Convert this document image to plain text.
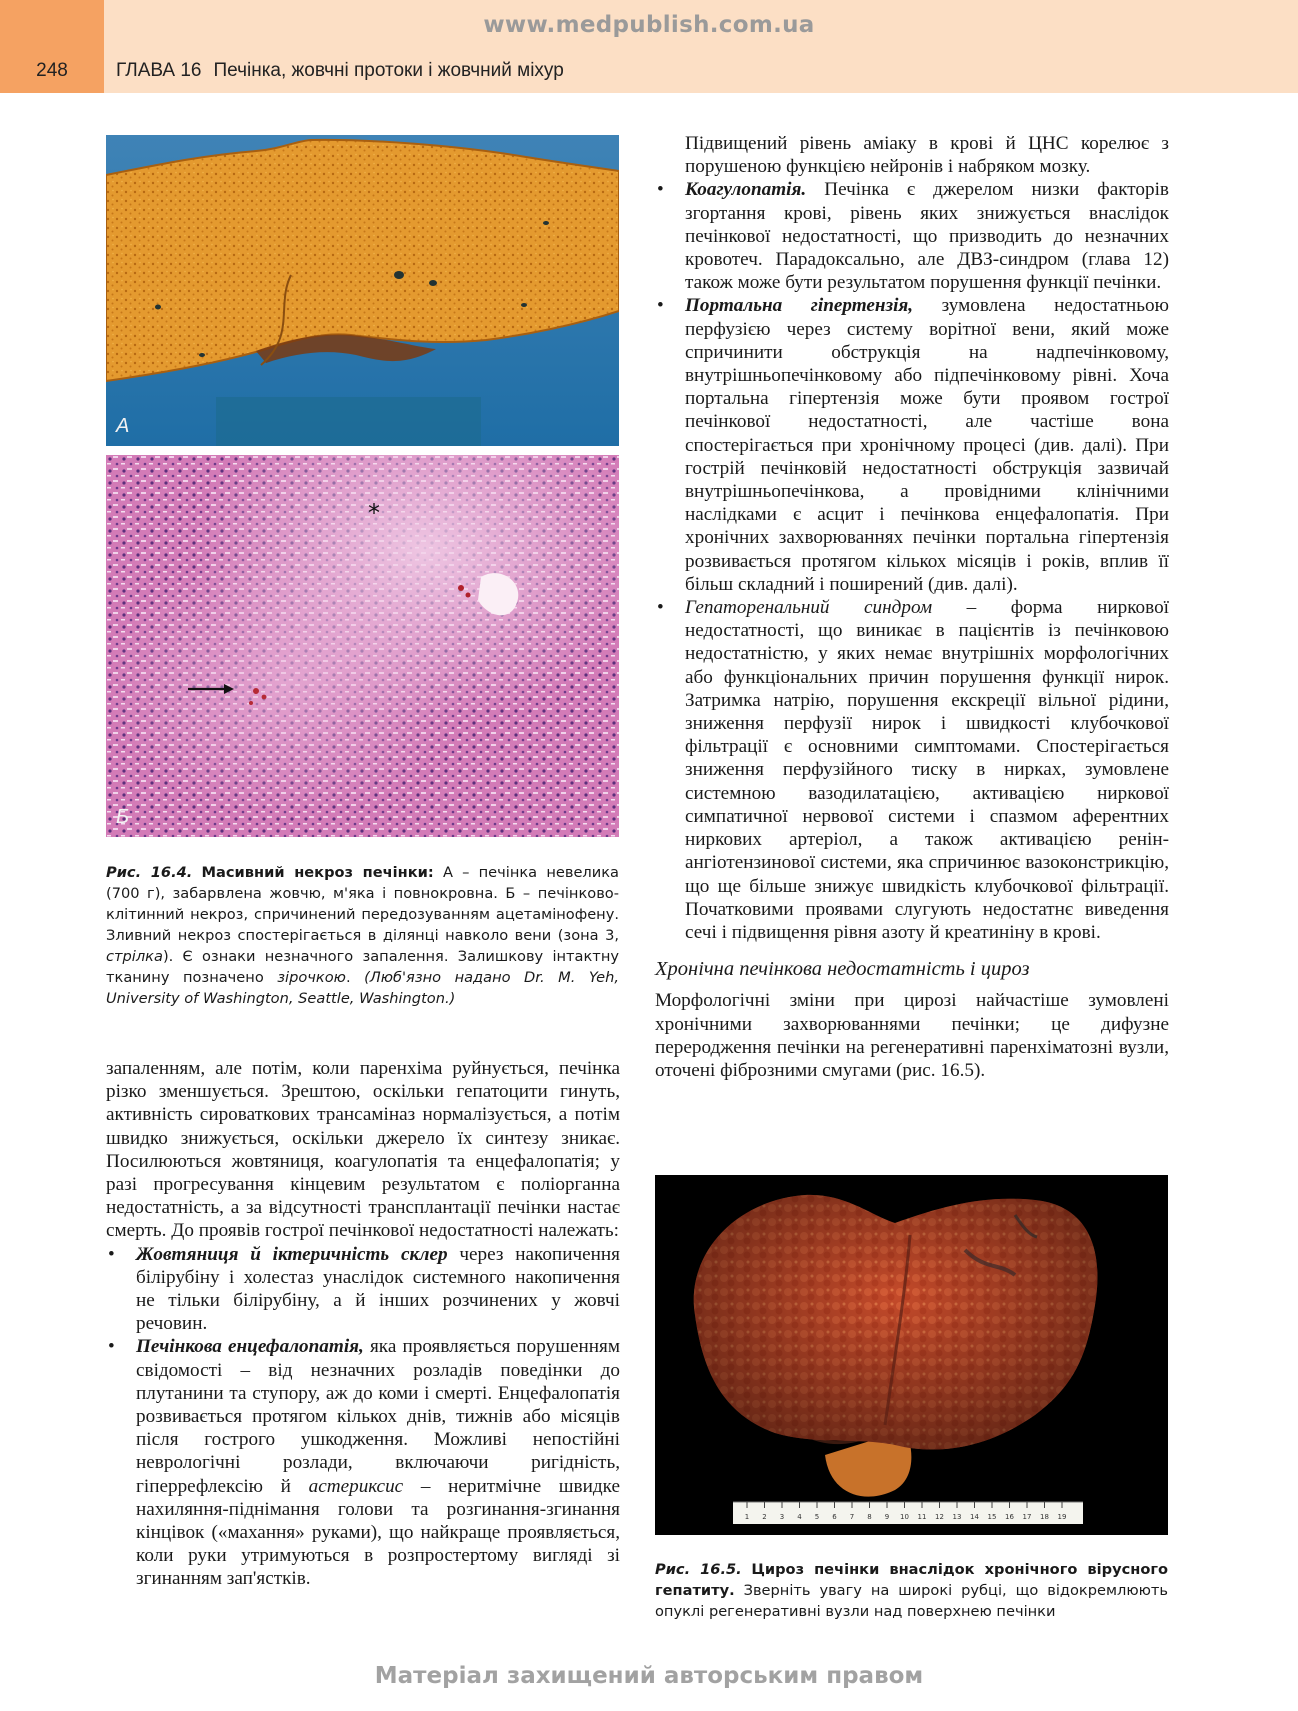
248
www.medpublish.com.ua
ГЛАВА 16 Печінка, жовчні протоки і жовчний міхур
А
*
Б
Рис. 16.4. Масивний некроз печінки: А – печінка невелика (700 г), забарвлена жовчю, м'яка і повнокровна. Б – печінково-клітинний некроз, спричинений передозуванням ацетамінофену. Зливний некроз спостерігається в ділянці навколо вени (зона 3, стрілка). Є ознаки незначного запалення. Залишкову інтактну тканину позначено зірочкою. (Люб'язно надано Dr. M. Yeh, University of Washington, Seattle, Washington.)

запаленням, але потім, коли паренхіма руйнується, печінка різко зменшується. Зрештою, оскільки гепатоцити гинуть, активність сироваткових трансаміназ нормалізується, а потім швидко знижується, оскільки джерело їх синтезу зникає. Посилюються жовтяниця, коагулопатія та енцефалопатія; у разі прогресування кінцевим результатом є поліорганна недостатність, а за відсутності трансплантації печінки настає смерть. До проявів гострої печінкової недостатності належать:

• Жовтяниця й іктеричність склер через накопичення білірубіну і холестаз унаслідок системного накопичення не тільки білірубіну, а й інших розчинених у жовчі речовин.
• Печінкова енцефалопатія, яка проявляється порушенням свідомості – від незначних розладів поведінки до плутанини та ступору, аж до коми і смерті. Енцефалопатія розвивається протягом кількох днів, тижнів або місяців після гострого ушкодження. Можливі непостійні неврологічні розлади, включаючи ригідність, гіперрефлексію й астериксис – неритмічне швидке нахиляння-піднімання голови та розгинання-згинання кінцівок («махання» руками), що найкраще проявляється, коли руки утримуються в розпростертому вигляді зі згинанням зап'ястків.

Підвищений рівень аміаку в крові й ЦНС корелює з порушеною функцією нейронів і набряком мозку.

• Коагулопатія. Печінка є джерелом низки факторів згортання крові, рівень яких знижується внаслідок печінкової недостатності, що призводить до незначних кровотеч. Парадоксально, але ДВЗ-синдром (глава 12) також може бути результатом порушення функції печінки.
• Портальна гіпертензія, зумовлена недостатньою перфузією через систему ворітної вени, який може спричинити обструкція на надпечінковому, внутрішньопечінковому або підпечінковому рівні. Хоча портальна гіпертензія може бути проявом гострої печінкової недостатності, але частіше вона спостерігається при хронічному процесі (див. далі). При гострій печінковій недостатності обструкція зазвичай внутрішньопечінкова, а провідними клінічними наслідками є асцит і печінкова енцефалопатія. При хронічних захворюваннях печінки портальна гіпертензія розвивається протягом кількох місяців і років, вплив її більш складний і поширений (див. далі).
• Гепаторенальний синдром – форма ниркової недостатності, що виникає в пацієнтів із печінковою недостатністю, у яких немає внутрішніх морфологічних або функціональних причин порушення функції нирок. Затримка натрію, порушення екскреції вільної рідини, зниження перфузії нирок і швидкості клубочкової фільтрації є основними симптомами. Спостерігається зниження перфузійного тиску в нирках, зумовлене системною вазодилатацією, активацією ниркової симпатичної нервової системи і спазмом аферентних ниркових артеріол, а також активацією ренін-ангіотензинової системи, яка спричинює вазоконстрикцію, що ще більше знижує швидкість клубочкової фільтрації. Початковими проявами слугують недостатнє виведення сечі і підвищення рівня азоту й креатиніну в крові.
Хронічна печінкова недостатність і цироз

Морфологічні зміни при цирозі найчастіше зумовлені хронічними захворюваннями печінки; це дифузне переродження печінки на регенеративні паренхіматозні вузли, оточені фіброзними смугами (рис. 16.5).

1 2 3 4 5 6 7 8 9 10 11 12 13 14 15 16 17 18 19
Рис. 16.5. Цироз печінки внаслідок хронічного вірусного гепатиту. Зверніть увагу на широкі рубці, що відокремлюють опуклі регенеративні вузли над поверхнею печінки
Матеріал захищений авторським правом
